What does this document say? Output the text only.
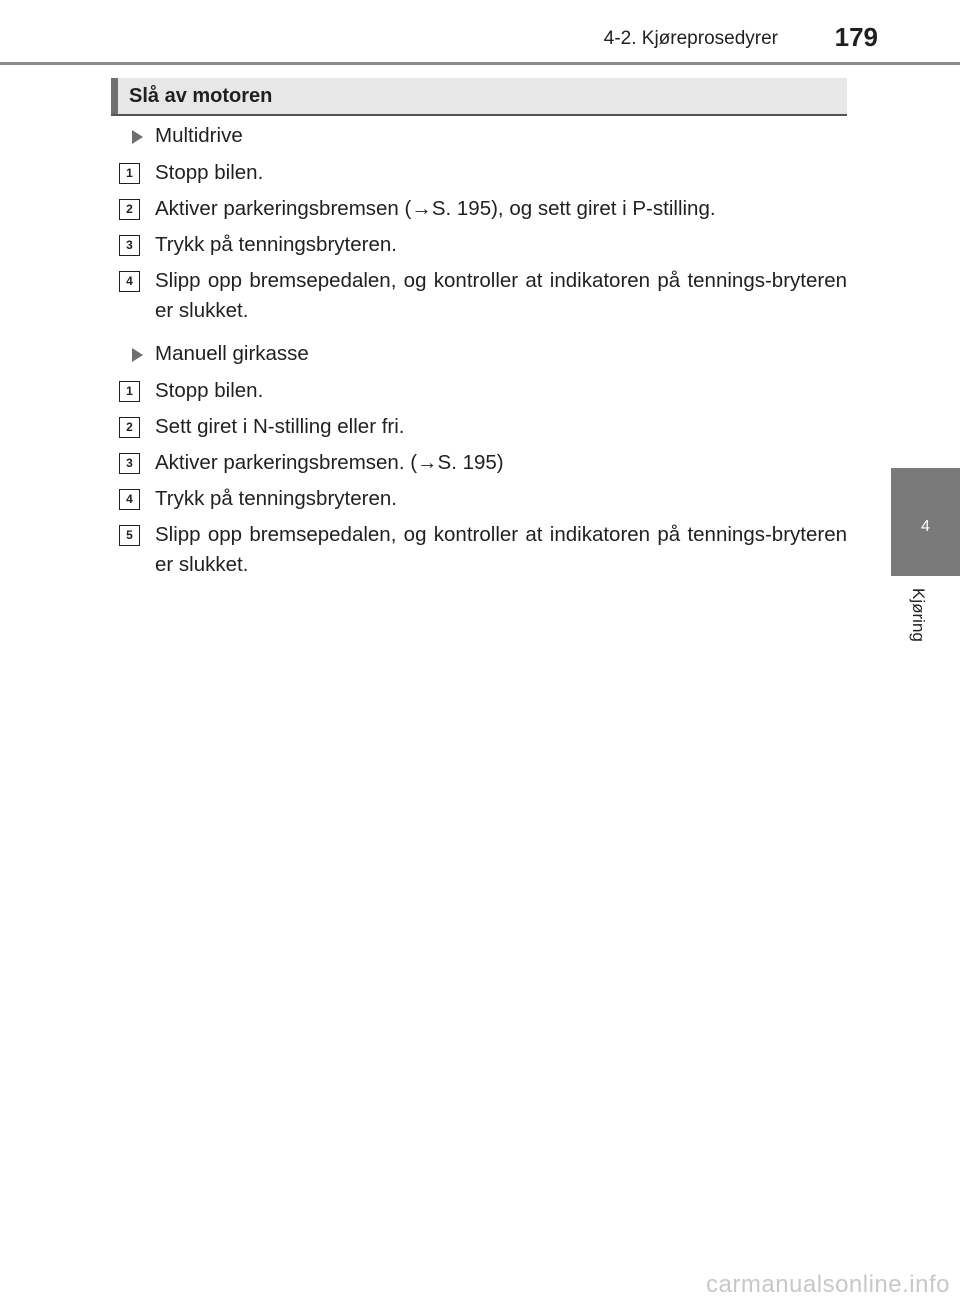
4-2. Kjøreprosedyrer 179
Slå av motoren
Multidrive
1	Stopp bilen.
2	Aktiver parkeringsbremsen (→S. 195), og sett giret i P-stilling.
3	Trykk på tenningsbryteren.
4	Slipp opp bremsepedalen, og kontroller at indikatoren på tennings-bryteren er slukket.
Manuell girkasse
1	Stopp bilen.
2	Sett giret i N-stilling eller fri.
3	Aktiver parkeringsbremsen. (→S. 195)
4	Trykk på tenningsbryteren.
5	Slipp opp bremsepedalen, og kontroller at indikatoren på tennings-bryteren er slukket.
4
Kjøring
carmanualsonline.info
